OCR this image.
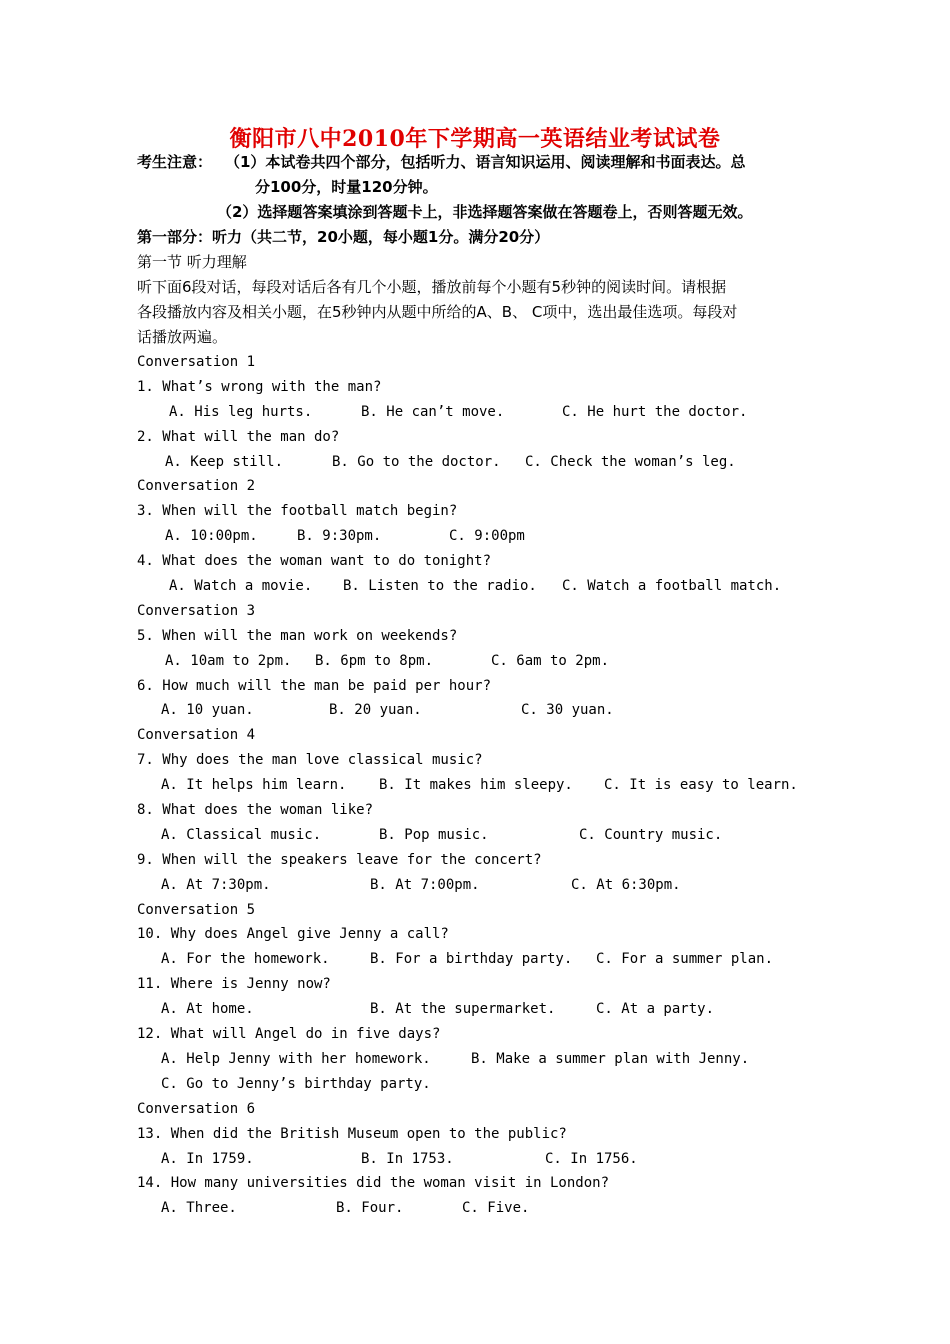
衡阳市八中2010年下学期高一英语结业考试试卷
考生注意： （1）本试卷共四个部分，包括听力、语言知识运用、阅读理解和书面表达。总
分100分，时量120分钟。
（2）选择题答案填涂到答题卡上，非选择题答案做在答题卷上，否则答题无效。
第一部分：听力（共二节，20小题，每小题1分。满分20分）
第一节 听力理解
听下面6段对话，每段对话后各有几个小题，播放前每个小题有5秒钟的阅读时间。请根据
各段播放内容及相关小题，在5秒钟内从题中所给的A、B、 C项中，选出最佳选项。每段对
话播放两遍。
Conversation 1
1. What’s wrong with the man?
A. His leg hurts.	B. He can’t move.	C. He hurt the doctor.
2. What will the man do?
A. Keep still.	B. Go to the doctor. C. Check the woman’s leg.
Conversation 2
3. When will the football match begin?
A. 10:00pm.	B. 9:30pm.	C. 9:00pm
4. What does the woman want to do tonight?
A. Watch a movie. B. Listen to the radio. C. Watch a football match.
Conversation 3
5. When will the man work on weekends?
A. 10am to 2pm. B. 6pm to 8pm.	C. 6am to 2pm.
6. How much will the man be paid per hour?
A. 10 yuan.	B. 20 yuan.	C. 30 yuan.
Conversation 4
7. Why does the man love classical music?
A. It helps him learn. B. It makes him sleepy. C. It is easy to learn.
8. What does the woman like?
A. Classical music.	B. Pop music.	C. Country music.
9. When will the speakers leave for the concert?
A. At 7:30pm.	B. At 7:00pm.	C. At 6:30pm.
Conversation 5
10. Why does Angel give Jenny a call?
A. For the homework.	B. For a birthday party. C. For a summer plan.
11. Where is Jenny now?
A. At home.	B. At the supermarket.	C. At a party.
12. What will Angel do in five days?
A. Help Jenny with her homework.	B. Make a summer plan with Jenny.
C. Go to Jenny’s birthday party.
Conversation 6
13. When did the British Museum open to the public?
A. In 1759.	B. In 1753.	C. In 1756.
14. How many universities did the woman visit in London?
A. Three.	B. Four.	C. Five.
